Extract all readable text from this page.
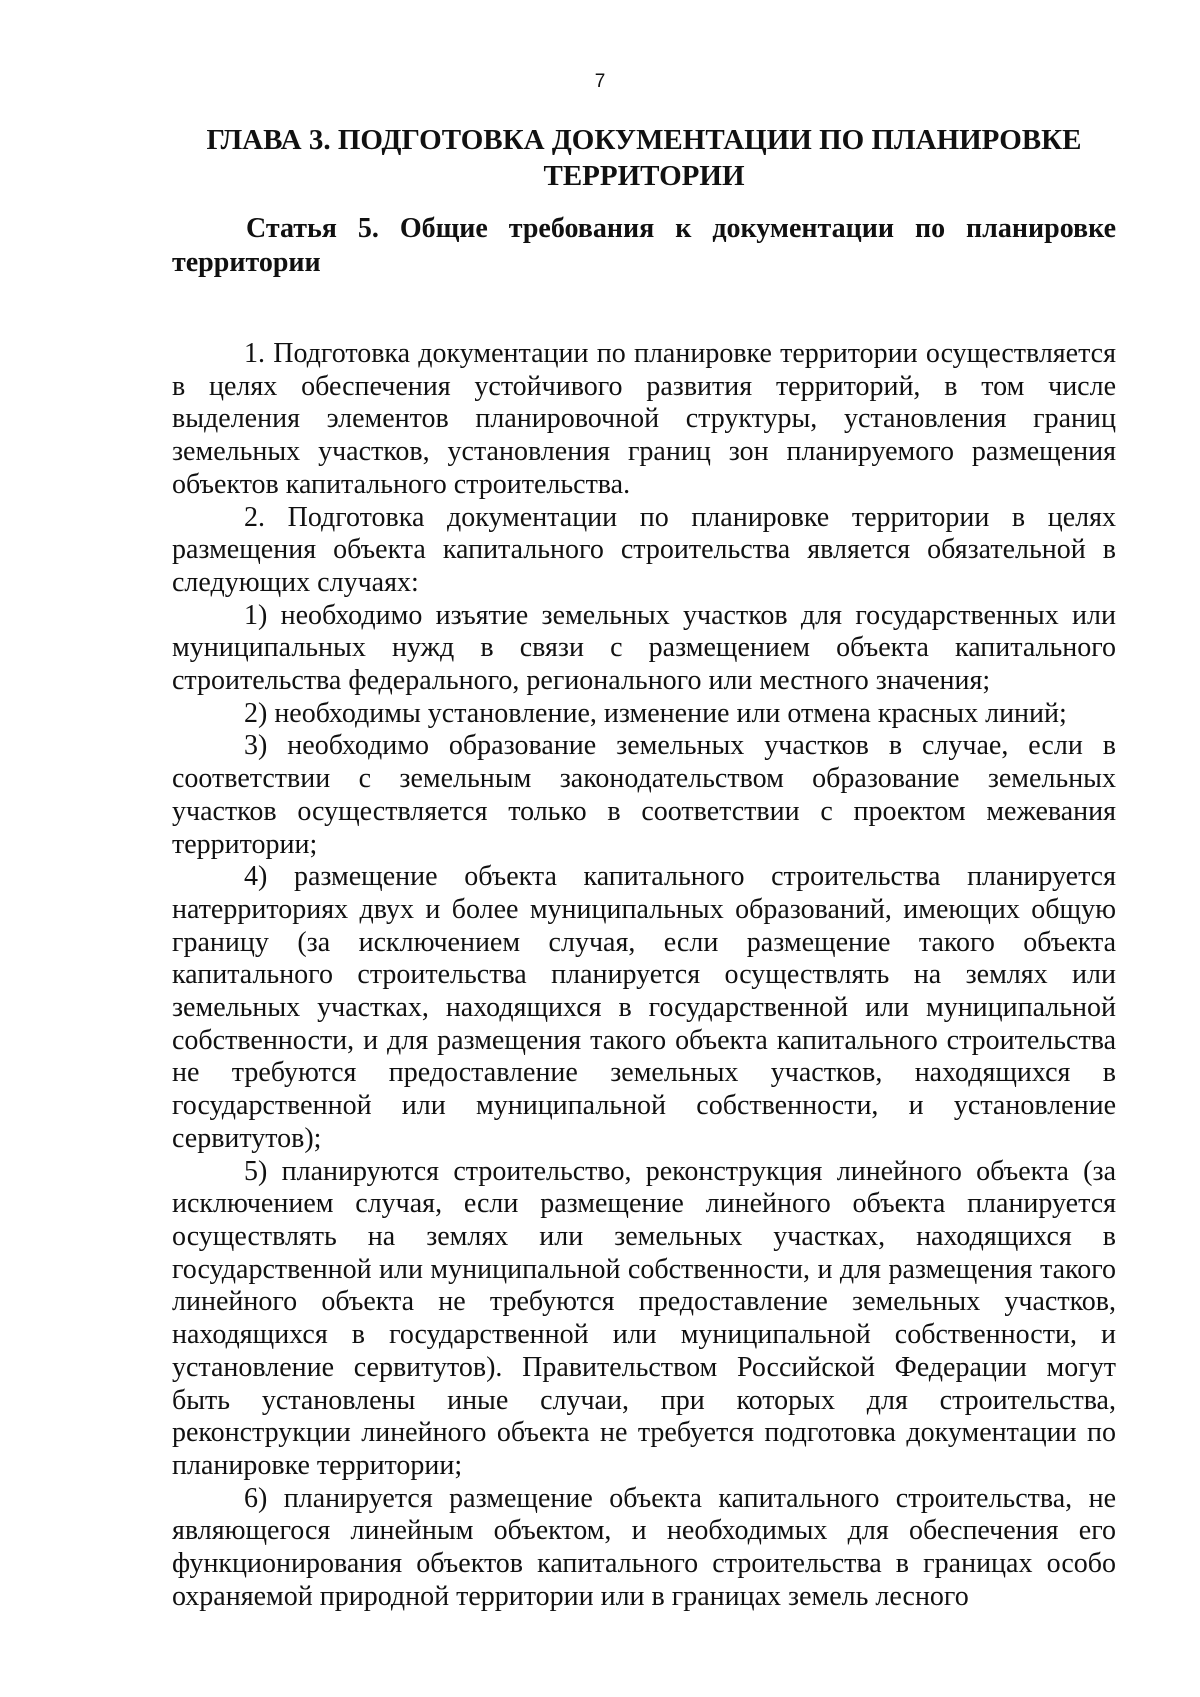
7
ГЛАВА 3. ПОДГОТОВКА ДОКУМЕНТАЦИИ ПО ПЛАНИРОВКЕ ТЕРРИТОРИИ
Статья 5. Общие требования к документации по планировке территории

1. Подготовка документации по планировке территории осуществляется в целях обеспечения устойчивого развития территорий, в том числе выделения элементов планировочной структуры, установления границ земельных участков, установления границ зон планируемого размещения объектов капитального строительства.

2. Подготовка документации по планировке территории в целях размещения объекта капитального строительства является обязательной в следующих случаях:

1) необходимо изъятие земельных участков для государственных или муниципальных нужд в связи с размещением объекта капитального строительства федерального, регионального или местного значения;

2) необходимы установление, изменение или отмена красных линий;

3) необходимо образование земельных участков в случае, если в соответствии с земельным законодательством образование земельных участков осуществляется только в соответствии с проектом межевания территории;

4) размещение объекта капитального строительства планируется натерриториях двух и более муниципальных образований, имеющих общую границу (за исключением случая, если размещение такого объекта капитального строительства планируется осуществлять на землях или земельных участках, находящихся в государственной или муниципальной собственности, и для размещения такого объекта капитального строительства не требуются предоставление земельных участков, находящихся в государственной или муниципальной собственности, и установление сервитутов);

5) планируются строительство, реконструкция линейного объекта (за исключением случая, если размещение линейного объекта планируется осуществлять на землях или земельных участках, находящихся в государственной или муниципальной собственности, и для размещения такого линейного объекта не требуются предоставление земельных участков, находящихся в государственной или муниципальной собственности, и установление сервитутов). Правительством Российской Федерации могут быть установлены иные случаи, при которых для строительства, реконструкции линейного объекта не требуется подготовка документации по планировке территории;

6) планируется размещение объекта капитального строительства, не являющегося линейным объектом, и необходимых для обеспечения его функционирования объектов капитального строительства в границах особо охраняемой природной территории или в границах земель лесного
